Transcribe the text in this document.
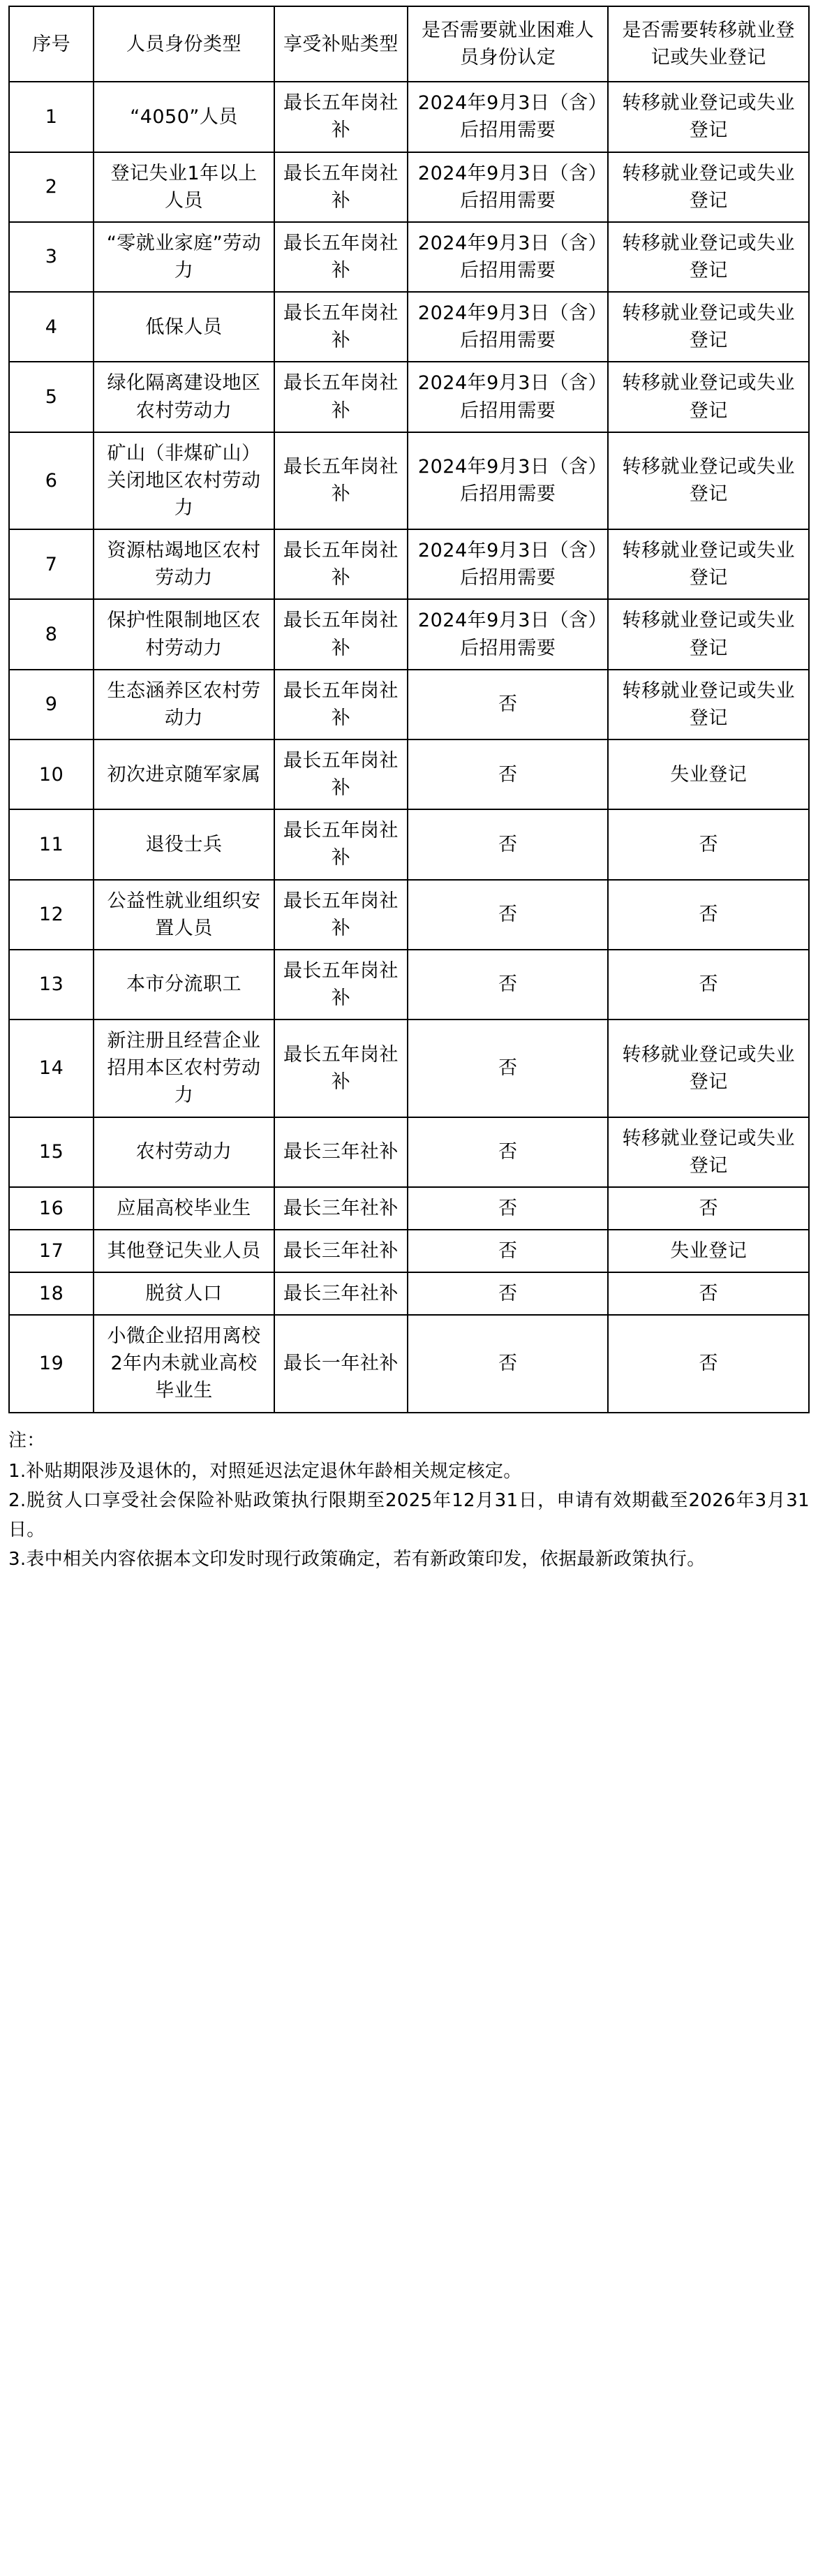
序号	人员身份类型	享受补贴类型	是否需要就业困难人员身份认定	是否需要转移就业登记或失业登记
1	“4050”人员	最长五年岗社补	2024年9月3日（含）后招用需要	转移就业登记或失业登记
2	登记失业1年以上人员	最长五年岗社补	2024年9月3日（含）后招用需要	转移就业登记或失业登记
3	“零就业家庭”劳动力	最长五年岗社补	2024年9月3日（含）后招用需要	转移就业登记或失业登记
4	低保人员	最长五年岗社补	2024年9月3日（含）后招用需要	转移就业登记或失业登记
5	绿化隔离建设地区农村劳动力	最长五年岗社补	2024年9月3日（含）后招用需要	转移就业登记或失业登记
6	矿山（非煤矿山）关闭地区农村劳动力	最长五年岗社补	2024年9月3日（含）后招用需要	转移就业登记或失业登记
7	资源枯竭地区农村劳动力	最长五年岗社补	2024年9月3日（含）后招用需要	转移就业登记或失业登记
8	保护性限制地区农村劳动力	最长五年岗社补	2024年9月3日（含）后招用需要	转移就业登记或失业登记
9	生态涵养区农村劳动力	最长五年岗社补	否	转移就业登记或失业登记
10	初次进京随军家属	最长五年岗社补	否	失业登记
11	退役士兵	最长五年岗社补	否	否
12	公益性就业组织安置人员	最长五年岗社补	否	否
13	本市分流职工	最长五年岗社补	否	否
14	新注册且经营企业招用本区农村劳动力	最长五年岗社补	否	转移就业登记或失业登记
15	农村劳动力	最长三年社补	否	转移就业登记或失业登记
16	应届高校毕业生	最长三年社补	否	否
17	其他登记失业人员	最长三年社补	否	失业登记
18	脱贫人口	最长三年社补	否	否
19	小微企业招用离校2年内未就业高校毕业生	最长一年社补	否	否
注：
1.补贴期限涉及退休的，对照延迟法定退休年龄相关规定核定。
2.脱贫人口享受社会保险补贴政策执行限期至2025年12月31日，申请有效期截至2026年3月31日。
3.表中相关内容依据本文印发时现行政策确定，若有新政策印发，依据最新政策执行。
